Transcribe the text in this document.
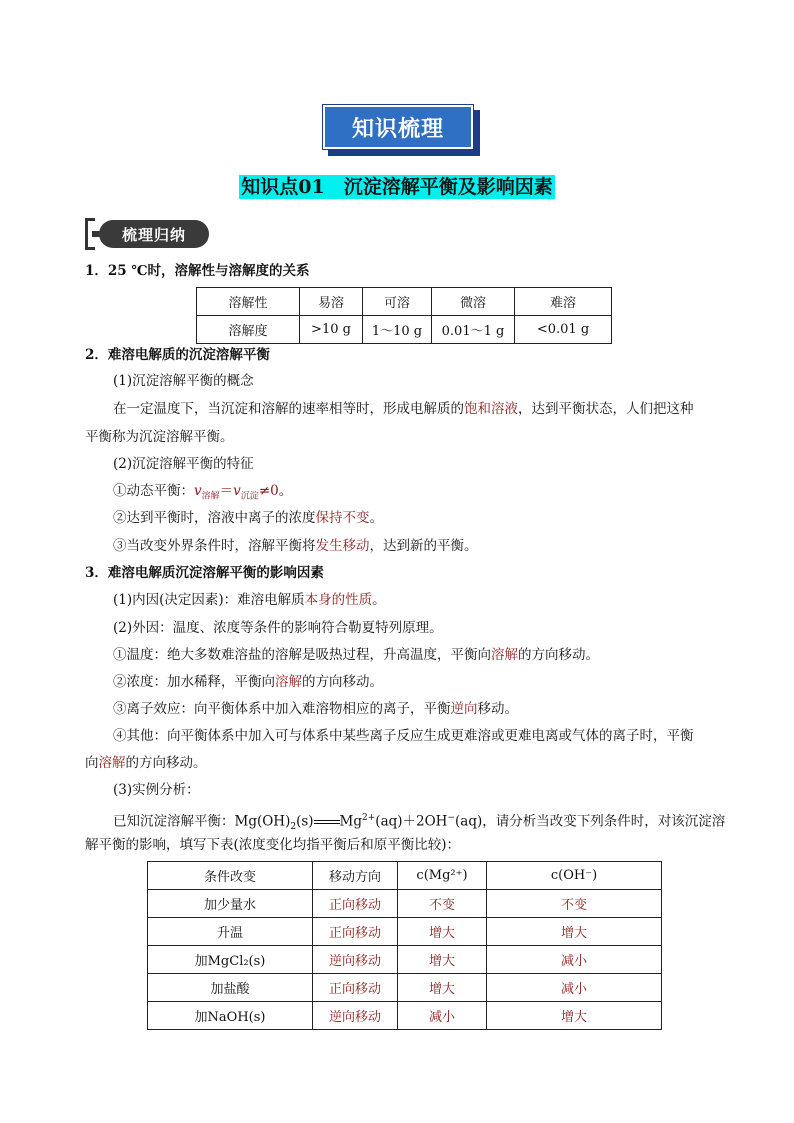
知识梳理
知识点01　沉淀溶解平衡及影响因素
梳理归纳
1．25 ℃时，溶解性与溶解度的关系
溶解性	易溶	可溶	微溶	难溶
溶解度	>10 g	1～10 g	0.01～1 g	<0.01 g
2．难溶电解质的沉淀溶解平衡
(1)沉淀溶解平衡的概念
在一定温度下，当沉淀和溶解的速率相等时，形成电解质的饱和溶液，达到平衡状态，人们把这种
平衡称为沉淀溶解平衡。
(2)沉淀溶解平衡的特征
①动态平衡：$v_{溶解}=v_{沉淀}\ne 0$。
②达到平衡时，溶液中离子的浓度保持不变。
③当改变外界条件时，溶解平衡将发生移动，达到新的平衡。
3．难溶电解质沉淀溶解平衡的影响因素
(1)内因(决定因素)：难溶电解质本身的性质。
(2)外因：温度、浓度等条件的影响符合勒夏特列原理。
①温度：绝大多数难溶盐的溶解是吸热过程，升高温度，平衡向溶解的方向移动。
②浓度：加水稀释，平衡向溶解的方向移动。
③离子效应：向平衡体系中加入难溶物相应的离子，平衡逆向移动。
④其他：向平衡体系中加入可与体系中某些离子反应生成更难溶或更难电离或气体的离子时，平衡
向溶解的方向移动。
(3)实例分析：
已知沉淀溶解平衡：$Mg(OH)_2(s)$ $Mg^{2+}(aq)+2OH^-(aq)$，请分析当改变下列条件时，对该沉淀溶
解平衡的影响，填写下表(浓度变化均指平衡后和原平衡比较)：
条件改变	移动方向	c(Mg²⁺)	c(OH⁻)
加少量水	正向移动	不变	不变
升温	正向移动	增大	增大
加MgCl₂(s)	逆向移动	增大	减小
加盐酸	正向移动	增大	减小
加NaOH(s)	逆向移动	减小	增大
